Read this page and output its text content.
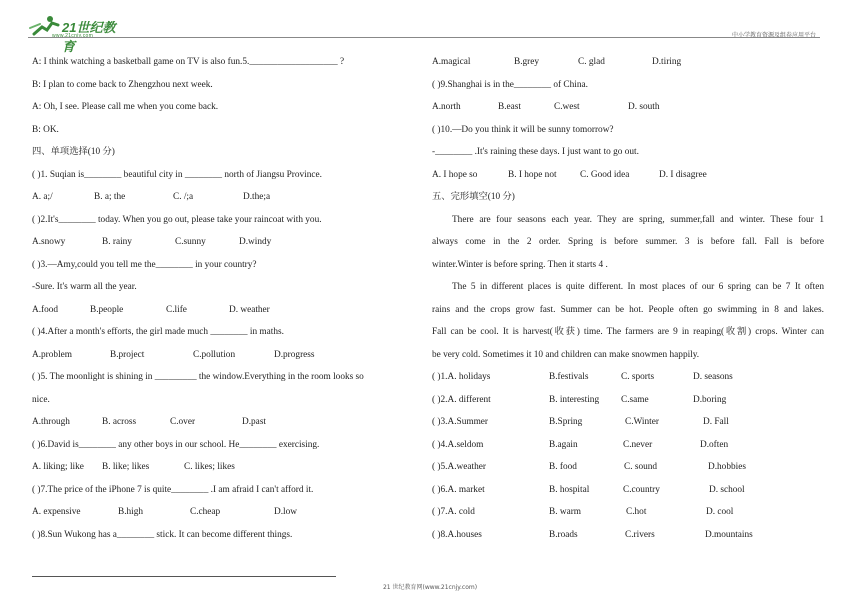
21世纪教育
www.21cnjy.com	中小学教育资源及组卷应用平台
A: I think watching a basketball game on TV is also fun.5.___________________ ?
B: I plan to come back to Zhengzhou next week.
A: Oh, I see. Please call me when you come back.
B: OK.
四、单项选择(10 分)
( )1. Suqian is________ beautiful city in ________ north of Jiangsu Province.
A. a;/	B. a; the	C. /;a	D.the;a
( )2.It's________ today. When you go out, please take your raincoat with you.
A.snowy	B. rainy	C.sunny	D.windy
( )3.—Amy,could you tell me the________ in your country?
-Sure. It's warm all the year.
A.food	B.people	C.life	D. weather
( )4.After a month's efforts, the girl made much ________ in maths.
A.problem	B.project	C.pollution	D.progress
( )5. The moonlight is shining in _________ the window.Everything in the room looks so
nice.
A.through	B. across	C.over	D.past
( )6.David is________ any other boys in our school. He________ exercising.
A. liking; like B. like; likes	C. likes; likes
( )7.The price of the iPhone 7 is quite________ .I am afraid I can't afford it.
A. expensive	B.high	C.cheap	D.low
( )8.Sun Wukong has a________ stick. It can become different things.
A.magical	B.grey	C. glad	D.tiring
( )9.Shanghai is in the________ of China.
A.north	B.east	C.west	D. south
( )10.—Do you think it will be sunny tomorrow?
-________ .It's raining these days. I just want to go out.
A. I hope so	B. I hope not	C. Good idea	D. I disagree
五、完形填空(10 分)
There are four seasons each year. They are spring, summer,fall and winter. These four 1
always come in the 2 order. Spring is before summer. 3 is before fall. Fall is before
winter.Winter is before spring. Then it starts 4 .
The 5 in different places is quite different. In most places of our 6 spring can be 7 It often
rains and the crops grow fast. Summer can be hot. People often go swimming in 8 and lakes.
Fall can be cool. It is harvest(收获) time. The farmers are 9 in reaping(收割) crops. Winter can
be very cold. Sometimes it 10 and children can make snowmen happily.
( )1.A. holidays	B.festivals	C. sports	D. seasons
( )2.A. different	B. interesting C.same	D.boring
( )3.A.Summer	B.Spring	C.Winter	D. Fall
( )4.A.seldom	B.again	C.never	D.often
( )5.A.weather	B. food	C. sound	D.hobbies
( )6.A. market	B. hospital	C.country	D. school
( )7.A. cold	B. warm	C.hot	D. cool
( )8.A.houses	B.roads	C.rivers	D.mountains
21 世纪教育网(www.21cnjy.com)
